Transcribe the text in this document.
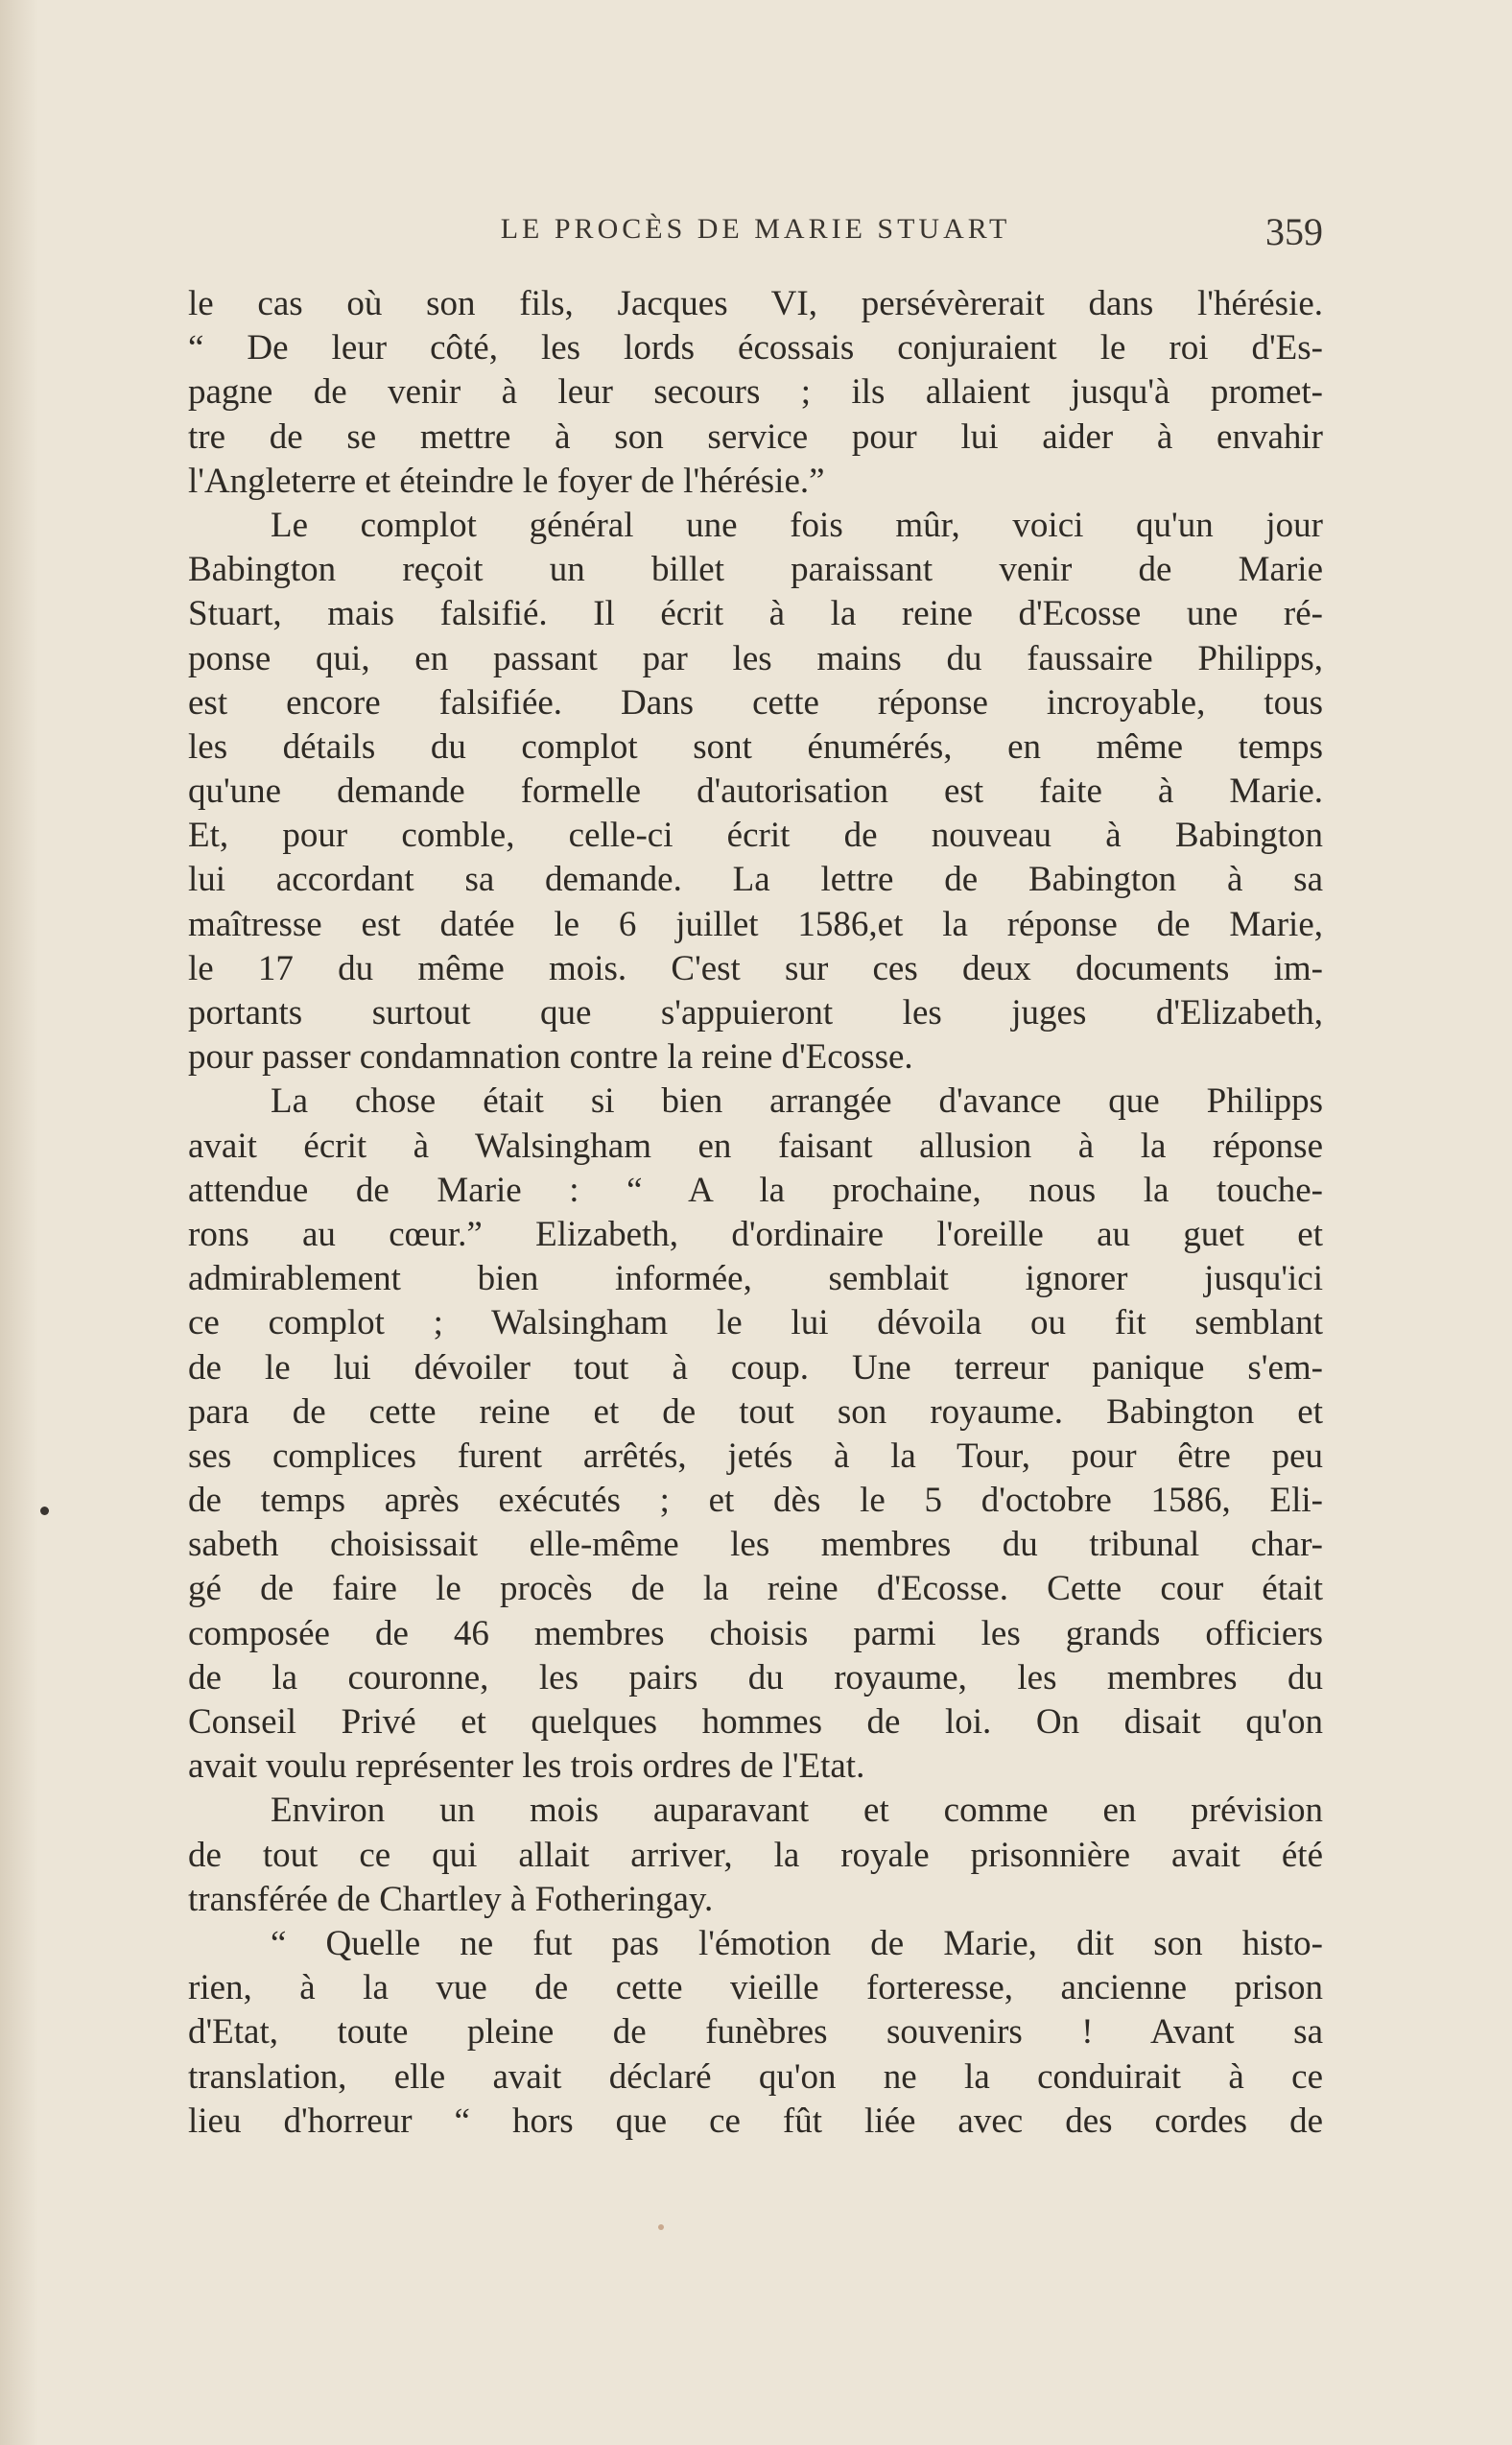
LE PROCÈS DE MARIE STUART	359
le cas où son fils, Jacques VI, persévèrerait dans l'hérésie.
“ De leur côté, les lords écossais conjuraient le roi d'Es-
pagne de venir à leur secours ; ils allaient jusqu'à promet-
tre de se mettre à son service pour lui aider à envahir
l'Angleterre et éteindre le foyer de l'hérésie.”
Le complot général une fois mûr, voici qu'un jour
Babington reçoit un billet paraissant venir de Marie
Stuart, mais falsifié. Il écrit à la reine d'Ecosse une ré-
ponse qui, en passant par les mains du faussaire Philipps,
est encore falsifiée. Dans cette réponse incroyable, tous
les détails du complot sont énumérés, en même temps
qu'une demande formelle d'autorisation est faite à Marie.
Et, pour comble, celle-ci écrit de nouveau à Babington
lui accordant sa demande. La lettre de Babington à sa
maîtresse est datée le 6 juillet 1586,et la réponse de Marie,
le 17 du même mois. C'est sur ces deux documents im-
portants surtout que s'appuieront les juges d'Elizabeth,
pour passer condamnation contre la reine d'Ecosse.
La chose était si bien arrangée d'avance que Philipps
avait écrit à Walsingham en faisant allusion à la réponse
attendue de Marie : “ A la prochaine, nous la touche-
rons au cœur.” Elizabeth, d'ordinaire l'oreille au guet et
admirablement bien informée, semblait ignorer jusqu'ici
ce complot ; Walsingham le lui dévoila ou fit semblant
de le lui dévoiler tout à coup. Une terreur panique s'em-
para de cette reine et de tout son royaume. Babington et
ses complices furent arrêtés, jetés à la Tour, pour être peu
de temps après exécutés ; et dès le 5 d'octobre 1586, Eli-
sabeth choisissait elle-même les membres du tribunal char-
gé de faire le procès de la reine d'Ecosse. Cette cour était
composée de 46 membres choisis parmi les grands officiers
de la couronne, les pairs du royaume, les membres du
Conseil Privé et quelques hommes de loi. On disait qu'on
avait voulu représenter les trois ordres de l'Etat.
Environ un mois auparavant et comme en prévision
de tout ce qui allait arriver, la royale prisonnière avait été
transférée de Chartley à Fotheringay.
“ Quelle ne fut pas l'émotion de Marie, dit son histo-
rien, à la vue de cette vieille forteresse, ancienne prison
d'Etat, toute pleine de funèbres souvenirs ! Avant sa
translation, elle avait déclaré qu'on ne la conduirait à ce
lieu d'horreur “ hors que ce fût liée avec des cordes de
